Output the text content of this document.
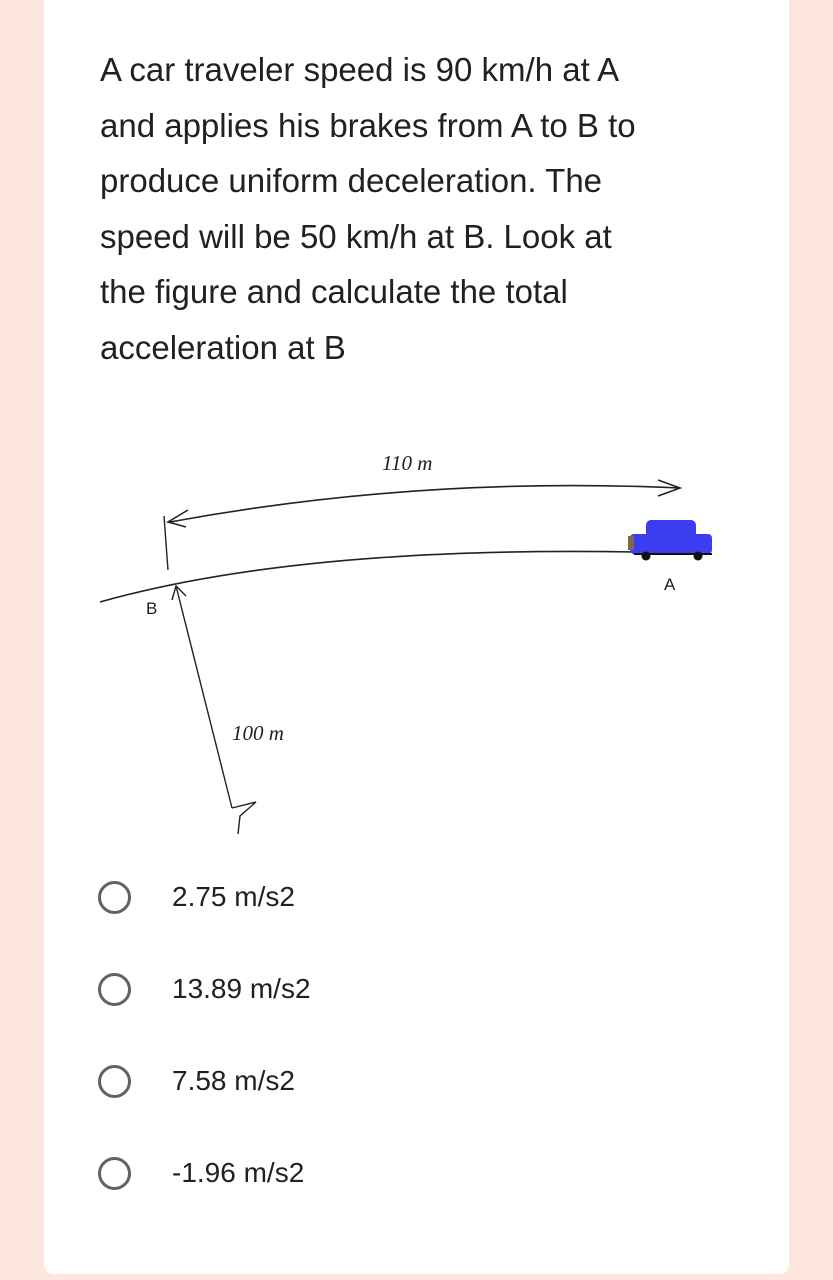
A car traveler speed is 90 km/h at A
and applies his brakes from A to B to
produce uniform deceleration. The
speed will be 50 km/h at B. Look at
the figure and calculate the total
acceleration at B

110 m
100 m
B
A
2.75 m/s2
13.89 m/s2
7.58 m/s2
-1.96 m/s2
